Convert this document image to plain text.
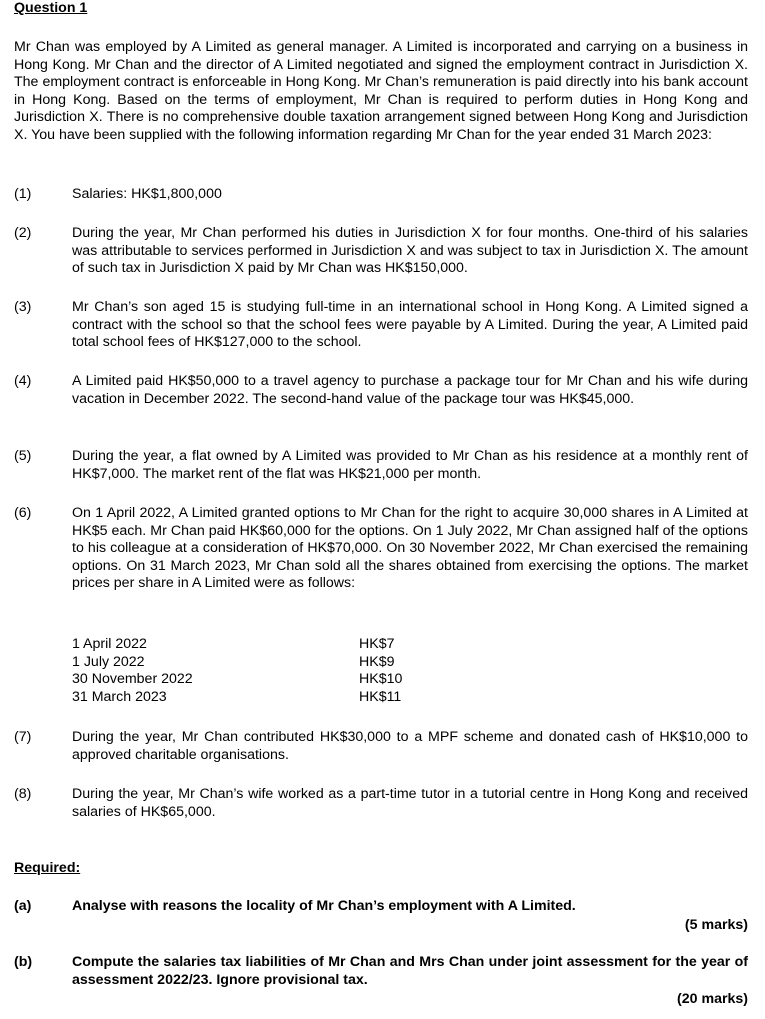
Question 1
Mr Chan was employed by A Limited as general manager. A Limited is incorporated and carrying on a business in Hong Kong. Mr Chan and the director of A Limited negotiated and signed the employment contract in Jurisdiction X. The employment contract is enforceable in Hong Kong. Mr Chan’s remuneration is paid directly into his bank account in Hong Kong. Based on the terms of employment, Mr Chan is required to perform duties in Hong Kong and Jurisdiction X. There is no comprehensive double taxation arrangement signed between Hong Kong and Jurisdiction X. You have been supplied with the following information regarding Mr Chan for the year ended 31 March 2023:
(1)	Salaries: HK$1,800,000
(2)	During the year, Mr Chan performed his duties in Jurisdiction X for four months. One-third of his salaries was attributable to services performed in Jurisdiction X and was subject to tax in Jurisdiction X. The amount of such tax in Jurisdiction X paid by Mr Chan was HK$150,000.
(3)	Mr Chan’s son aged 15 is studying full-time in an international school in Hong Kong. A Limited signed a contract with the school so that the school fees were payable by A Limited. During the year, A Limited paid total school fees of HK$127,000 to the school.
(4)	A Limited paid HK$50,000 to a travel agency to purchase a package tour for Mr Chan and his wife during vacation in December 2022. The second-hand value of the package tour was HK$45,000.
(5)	During the year, a flat owned by A Limited was provided to Mr Chan as his residence at a monthly rent of HK$7,000. The market rent of the flat was HK$21,000 per month.
(6)	On 1 April 2022, A Limited granted options to Mr Chan for the right to acquire 30,000 shares in A Limited at HK$5 each. Mr Chan paid HK$60,000 for the options. On 1 July 2022, Mr Chan assigned half of the options to his colleague at a consideration of HK$70,000. On 30 November 2022, Mr Chan exercised the remaining options. On 31 March 2023, Mr Chan sold all the shares obtained from exercising the options. The market prices per share in A Limited were as follows:
1 April 2022	HK$7
1 July 2022	HK$9
30 November 2022	HK$10
31 March 2023	HK$11
(7)	During the year, Mr Chan contributed HK$30,000 to a MPF scheme and donated cash of HK$10,000 to approved charitable organisations.
(8)	During the year, Mr Chan’s wife worked as a part-time tutor in a tutorial centre in Hong Kong and received salaries of HK$65,000.
Required:
(a)	Analyse with reasons the locality of Mr Chan’s employment with A Limited.
(5 marks)
(b)	Compute the salaries tax liabilities of Mr Chan and Mrs Chan under joint assessment for the year of assessment 2022/23. Ignore provisional tax.
(20 marks)
